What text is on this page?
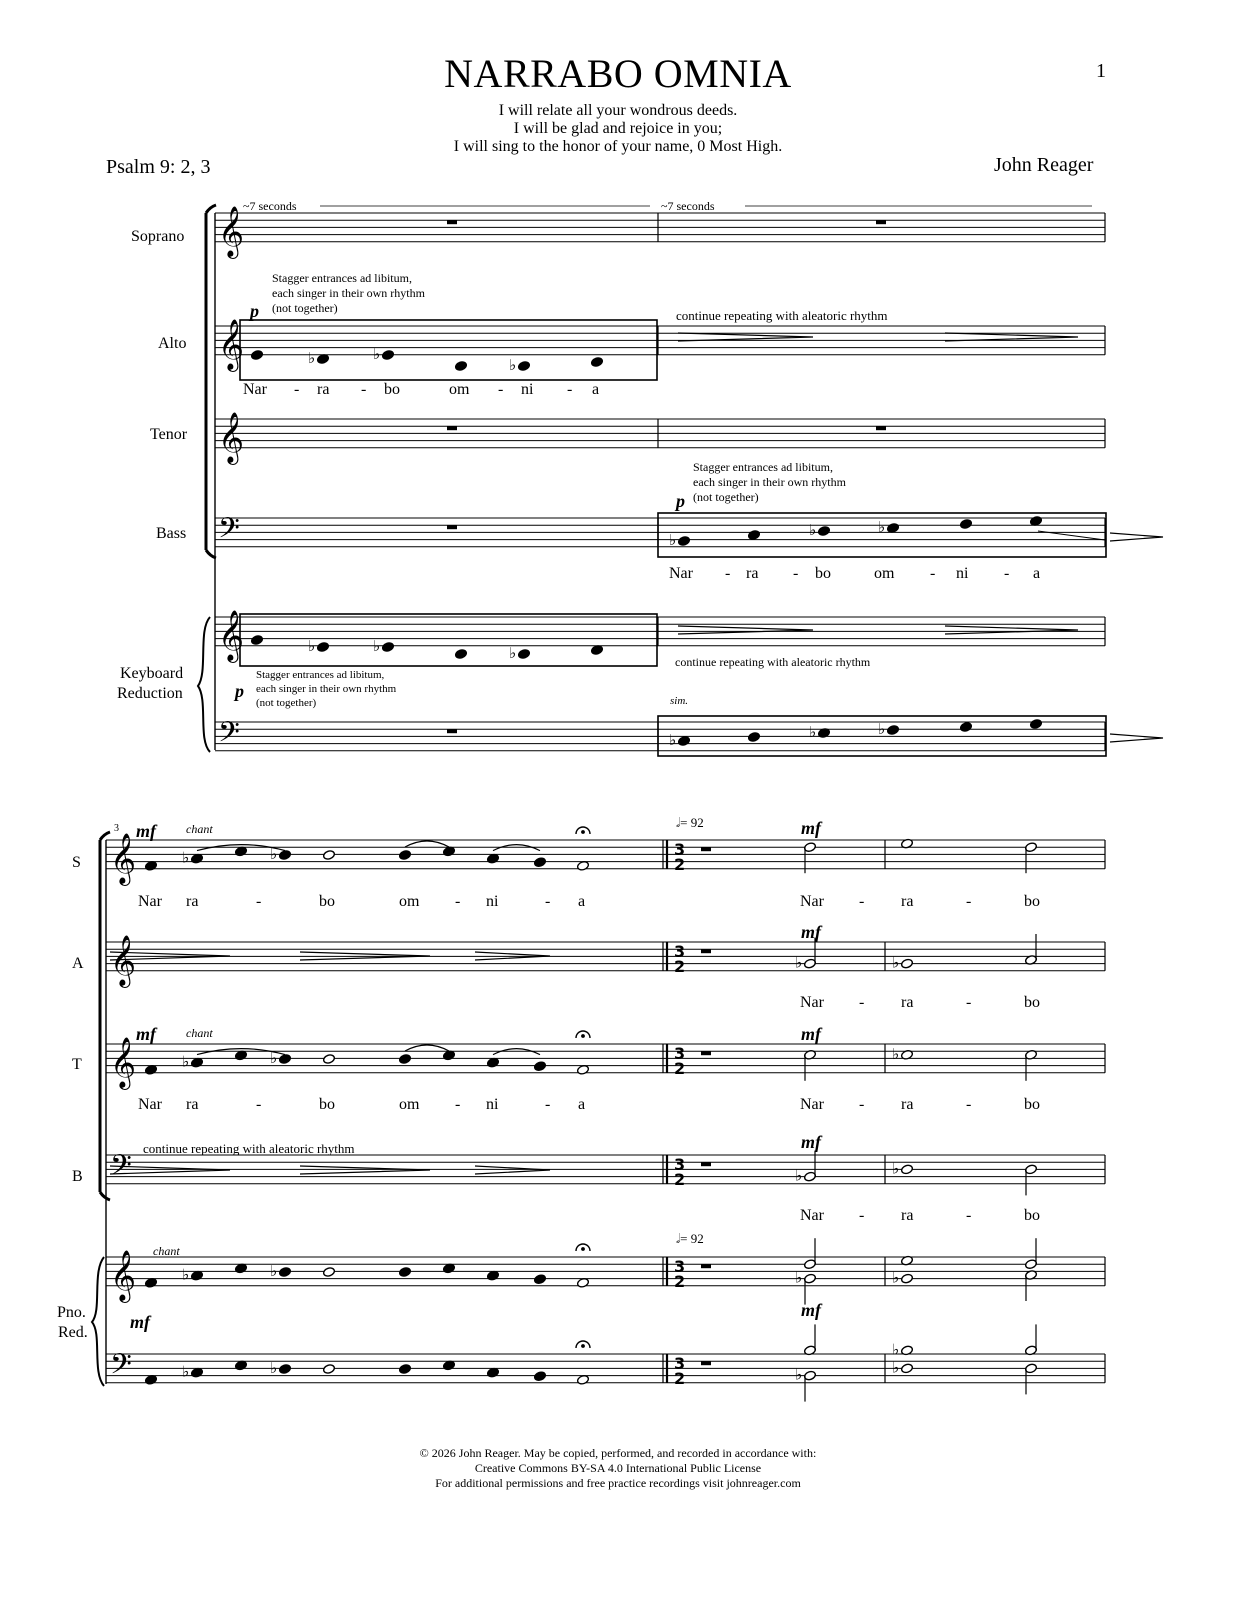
NARRABO OMNIA
I will relate all your wondrous deeds.
I will be glad and rejoice in you;
I will sing to the honor of your name, 0 Most High.
1
Psalm 9: 2, 3	John Reager
♭	♭
♭
♭
♭	♭
♭	♭	♭
♭	♭	♭
♭	♭
♭	♭
♭	♭
♭	♭
♭	♭
♭
♭	♭
♭	♭
♭
♭
♭
𝄞
𝄞
𝄞
𝄢
𝄞
𝄢
𝄞
𝄞
𝄞
𝄢
𝄞
𝄢
3
2
3
2
3
2
3
2
3
2
3
2
Soprano
Alto
Tenor
Bass
Keyboard
Reduction
~7 seconds	~7 seconds
Stagger entrances ad libitum,
each singer in their own rhythm
(not together)
p	continue repeating with aleatoric rhythm
Nar - ra - bo	om - ni - a
Stagger entrances ad libitum,
each singer in their own rhythm
(not together)
p
Nar - ra - bo	om - ni - a
continue repeating with aleatoric rhythm
Stagger entrances ad libitum,
each singer in their own rhythm
(not together)
p	sim.
3
S
A
T
B
Pno.
Red.
mf	chant
mf	chant
chant
mf
𝅗𝅥= 92
𝅗𝅥= 92
mf
mf
mf
mf
mf
continue repeating with aleatoric rhythm
Nar ra	-	bo	om - ni	- a
Nar ra	-	bo	om - ni	- a
Nar - ra	-	bo
Nar - ra	-	bo
Nar - ra	-	bo
Nar - ra	-	bo
© 2026 John Reager. May be copied, performed, and recorded in accordance with:
Creative Commons BY-SA 4.0 International Public License
For additional permissions and free practice recordings visit johnreager.com
